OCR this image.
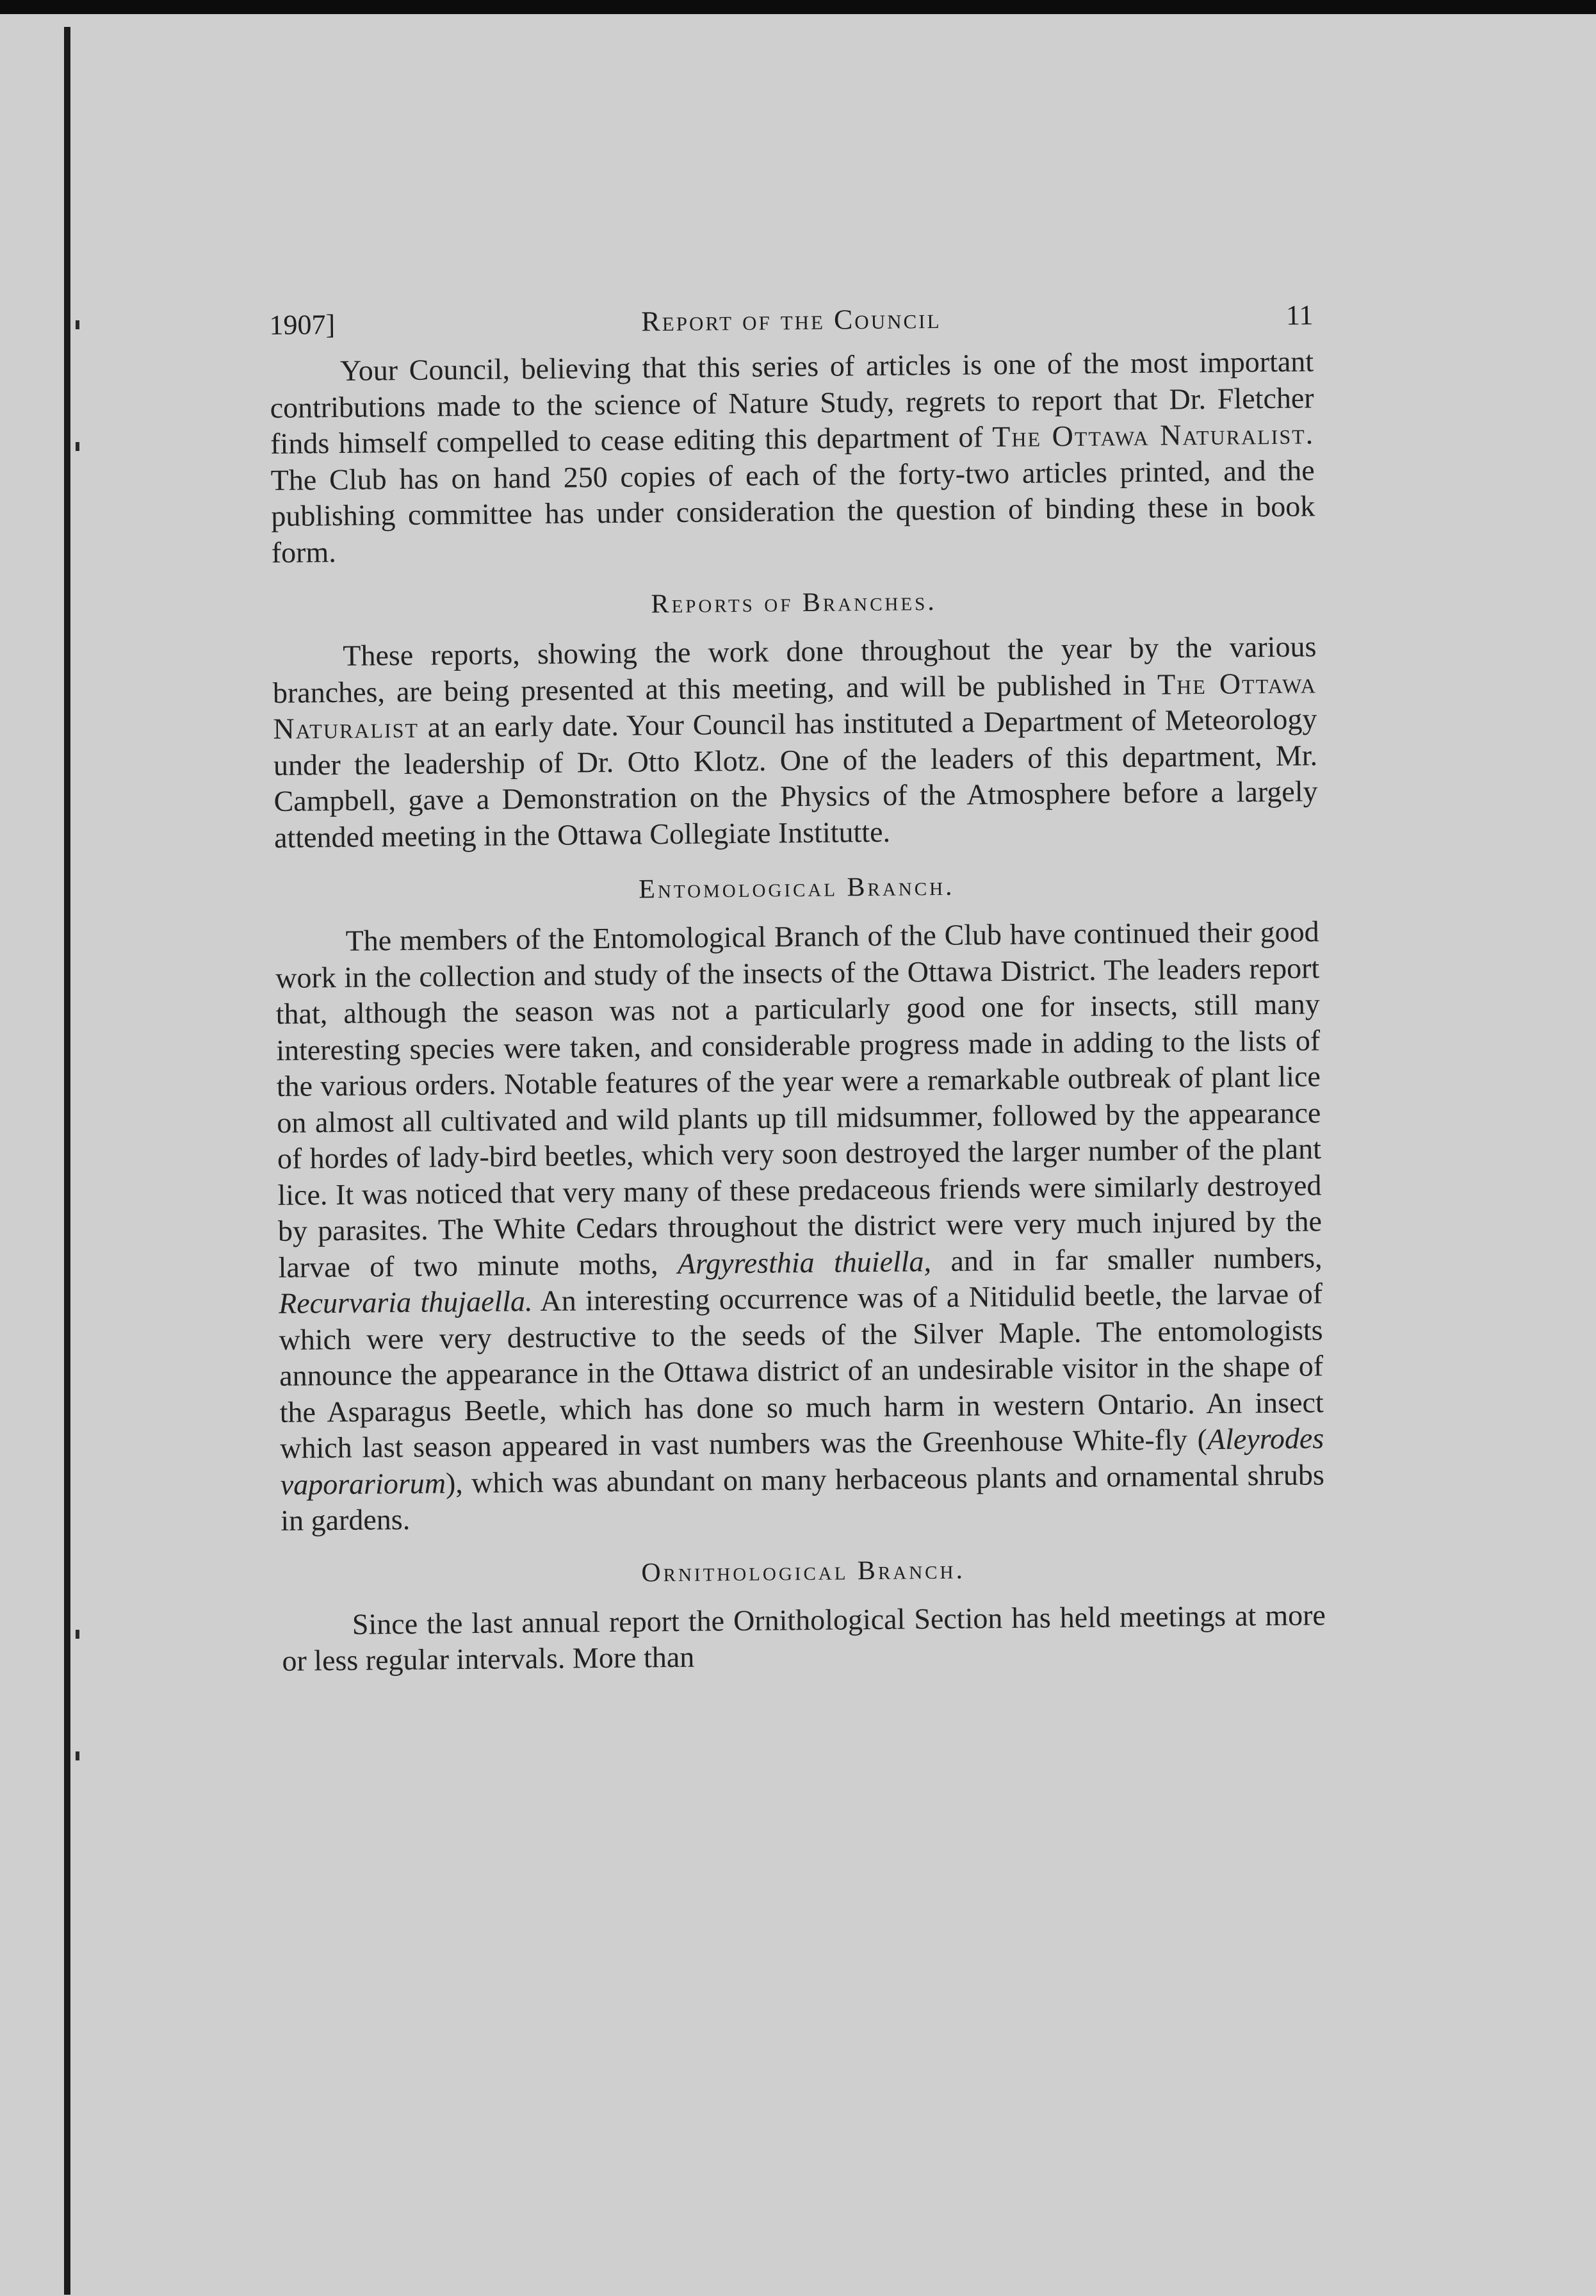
1907]	Report of the Council	11

Your Council, believing that this series of articles is one of the most important contributions made to the science of Nature Study, regrets to report that Dr. Fletcher finds himself compelled to cease editing this department of The Ottawa Naturalist. The Club has on hand 250 copies of each of the forty-two articles printed, and the publishing committee has under consideration the question of binding these in book form.

Reports of Branches.

These reports, showing the work done throughout the year by the various branches, are being presented at this meeting, and will be published in The Ottawa Naturalist at an early date. Your Council has instituted a Department of Meteorology under the leadership of Dr. Otto Klotz. One of the leaders of this department, Mr. Campbell, gave a Demonstration on the Physics of the Atmosphere before a largely attended meeting in the Ottawa Collegiate Institutte.

Entomological Branch.

The members of the Entomological Branch of the Club have continued their good work in the collection and study of the insects of the Ottawa District. The leaders report that, although the season was not a particularly good one for insects, still many interesting species were taken, and considerable progress made in adding to the lists of the various orders. Notable features of the year were a remarkable outbreak of plant lice on almost all cultivated and wild plants up till midsummer, followed by the appearance of hordes of lady-bird beetles, which very soon destroyed the larger number of the plant lice. It was noticed that very many of these predaceous friends were similarly destroyed by parasites. The White Cedars throughout the district were very much injured by the larvae of two minute moths, Argyresthia thuiella, and in far smaller numbers, Recurvaria thujaella. An interesting occurrence was of a Nitidulid beetle, the larvae of which were very destructive to the seeds of the Silver Maple. The entomologists announce the appearance in the Ottawa district of an undesirable visitor in the shape of the Asparagus Beetle, which has done so much harm in western Ontario. An insect which last season appeared in vast numbers was the Greenhouse White-fly (Aleyrodes vaporariorum), which was abundant on many herbaceous plants and ornamental shrubs in gardens.

Ornithological Branch.

Since the last annual report the Ornithological Section has held meetings at more or less regular intervals. More than
